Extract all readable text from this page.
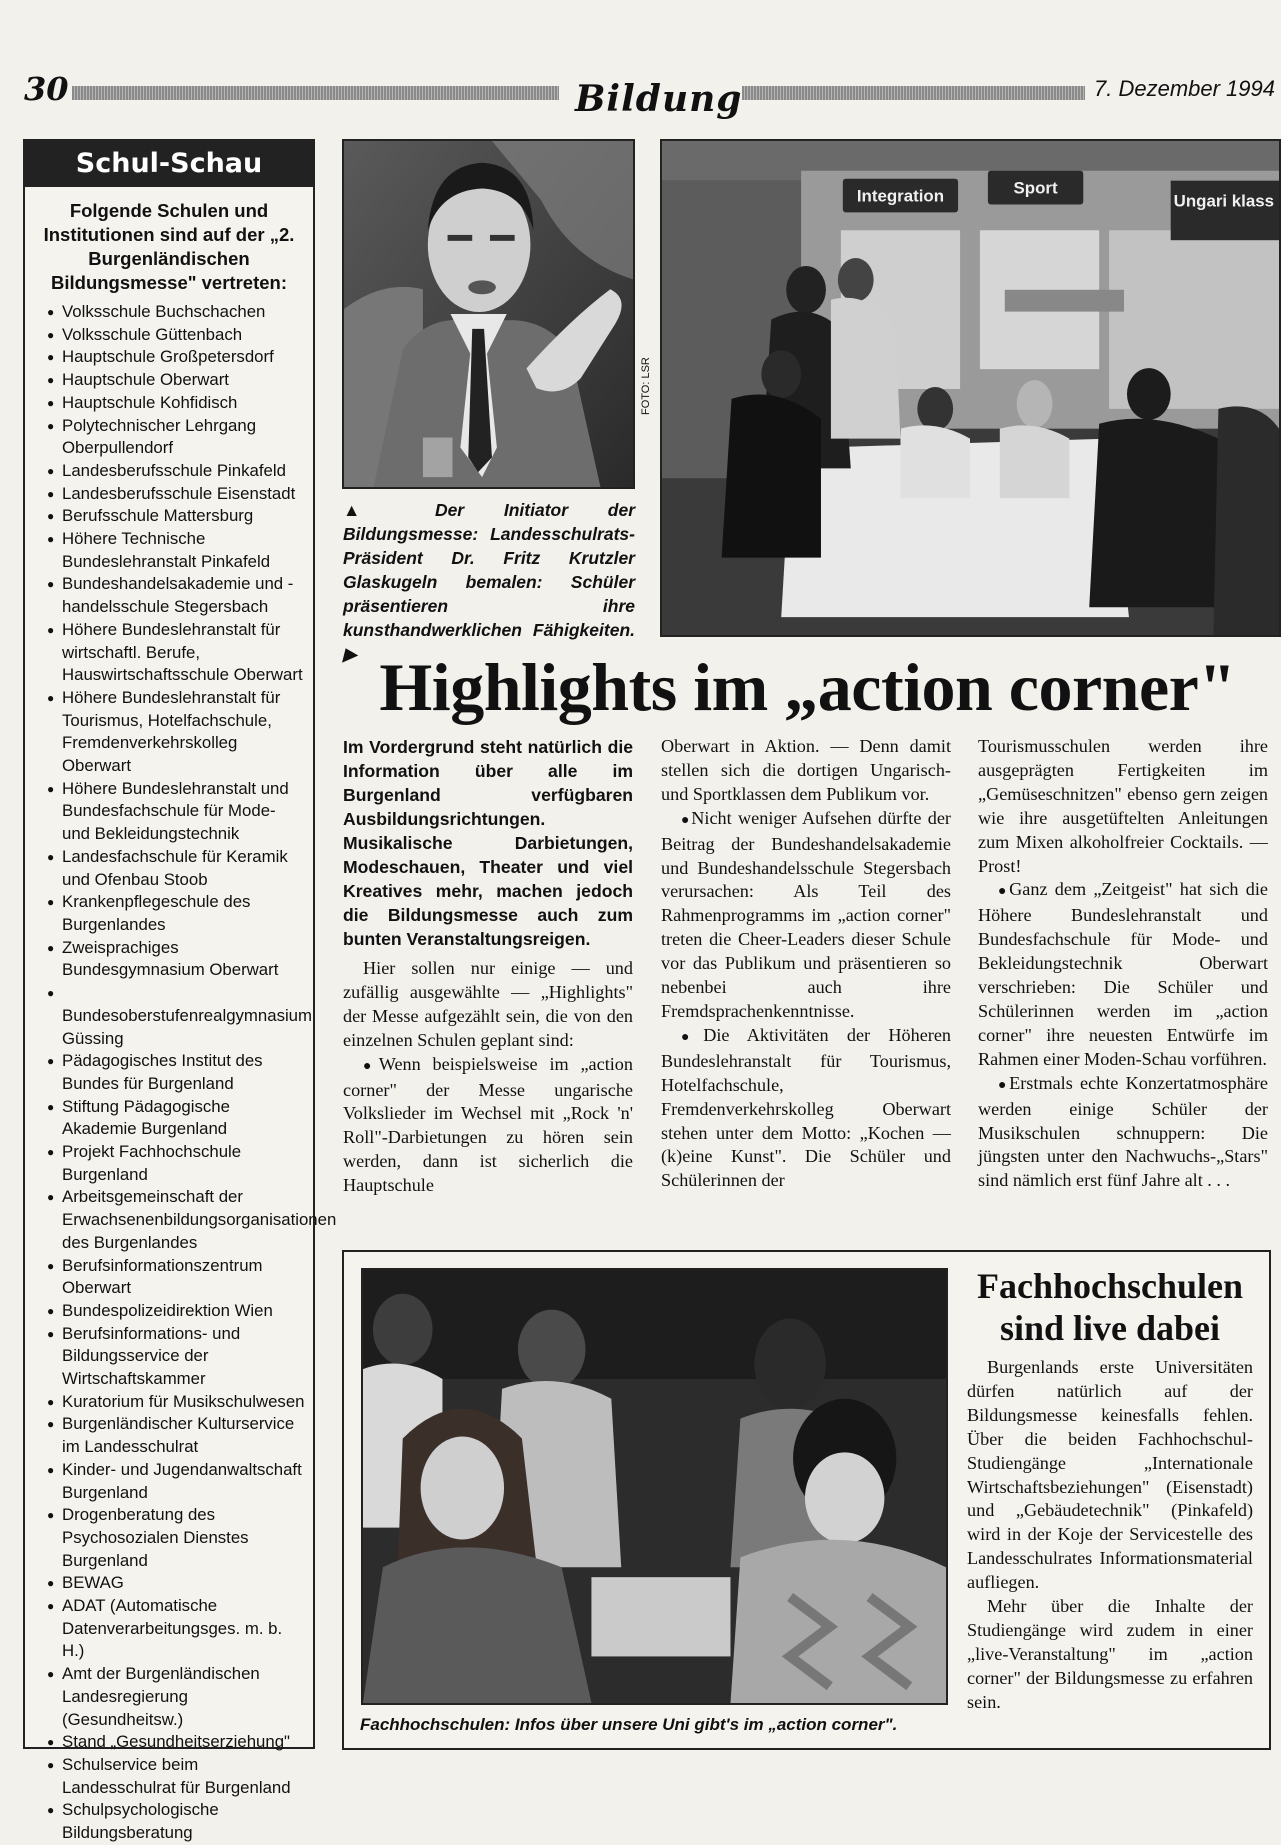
30	Bildung	7. Dezember 1994
Schul-Schau
Folgende Schulen und Institutionen sind auf der „2. Burgenländischen Bildungsmesse" vertreten:
● Volksschule Buchschachen
● Volksschule Güttenbach
● Hauptschule Großpetersdorf
● Hauptschule Oberwart
● Hauptschule Kohfidisch
● Polytechnischer Lehrgang Oberpullendorf
● Landesberufsschule Pinkafeld
● Landesberufsschule Eisenstadt
● Berufsschule Mattersburg
● Höhere Technische Bundeslehranstalt Pinkafeld
● Bundeshandelsakademie und -handelsschule Stegersbach
● Höhere Bundeslehranstalt für wirtschaftl. Berufe, Hauswirtschaftsschule Oberwart
● Höhere Bundeslehranstalt für Tourismus, Hotelfachschule, Fremdenverkehrskolleg Oberwart
● Höhere Bundeslehranstalt und Bundesfachschule für Mode- und Bekleidungstechnik
● Landesfachschule für Keramik und Ofenbau Stoob
● Krankenpflegeschule des Burgenlandes
● Zweisprachiges Bundesgymnasium Oberwart
● Bundesoberstufenrealgymnasium Güssing
● Pädagogisches Institut des Bundes für Burgenland
● Stiftung Pädagogische Akademie Burgenland
● Projekt Fachhochschule Burgenland
● Arbeitsgemeinschaft der Erwachsenenbildungsorganisationen des Burgenlandes
● Berufsinformationszentrum Oberwart
● Bundespolizeidirektion Wien
● Berufsinformations- und Bildungsservice der Wirtschaftskammer
● Kuratorium für Musikschulwesen
● Burgenländischer Kulturservice im Landesschulrat
● Kinder- und Jugendanwaltschaft Burgenland
● Drogenberatung des Psychosozialen Dienstes Burgenland
● BEWAG
● ADAT (Automatische Datenverarbeitungsges. m. b. H.)
● Amt der Burgenländischen Landesregierung (Gesundheitsw.)
● Stand „Gesundheitserziehung"
● Schulservice beim Landesschulrat für Burgenland
● Schulpsychologische Bildungsberatung
FOTO: LSR
▲ Der Initiator der Bildungsmesse: Landesschulrats-Präsident Dr. Fritz Krutzler Glaskugeln bemalen: Schüler präsentieren ihre kunsthandwerklichen Fähigkeiten. ▶
Integration	Sport
Ungari klass
Highlights im „action corner"

Im Vordergrund steht natürlich die Information über alle im Burgenland verfügbaren Ausbildungsrichtungen. Musikalische Darbietungen, Modeschauen, Theater und viel Kreatives mehr, machen jedoch die Bildungsmesse auch zum bunten Veranstaltungsreigen.

Hier sollen nur einige — und zufällig ausgewählte — „Highlights" der Messe aufgezählt sein, die von den einzelnen Schulen geplant sind:

● Wenn beispielsweise im „action corner" der Messe ungarische Volkslieder im Wechsel mit „Rock 'n' Roll"-Darbietungen zu hören sein werden, dann ist sicherlich die Hauptschule

Oberwart in Aktion. — Denn damit stellen sich die dortigen Ungarisch- und Sportklassen dem Publikum vor.

● Nicht weniger Aufsehen dürfte der Beitrag der Bundeshandelsakademie und Bundeshandelsschule Stegersbach verursachen: Als Teil des Rahmenprogramms im „action corner" treten die Cheer-Leaders dieser Schule vor das Publikum und präsentieren so nebenbei auch ihre Fremdsprachenkenntnisse.

● Die Aktivitäten der Höheren Bundeslehranstalt für Tourismus, Hotelfachschule, Fremdenverkehrskolleg Oberwart stehen unter dem Motto: „Kochen — (k)eine Kunst". Die Schüler und Schülerinnen der

Tourismusschulen werden ihre ausgeprägten Fertigkeiten im „Gemüseschnitzen" ebenso gern zeigen wie ihre ausgetüftelten Anleitungen zum Mixen alkoholfreier Cocktails. — Prost!

● Ganz dem „Zeitgeist" hat sich die Höhere Bundeslehranstalt und Bundesfachschule für Mode- und Bekleidungstechnik Oberwart verschrieben: Die Schüler und Schülerinnen werden im „action corner" ihre neuesten Entwürfe im Rahmen einer Moden-Schau vorführen.

● Erstmals echte Konzertatmosphäre werden einige Schüler der Musikschulen schnuppern: Die jüngsten unter den Nachwuchs-„Stars" sind nämlich erst fünf Jahre alt . . .

Fachhochschulen: Infos über unsere Uni gibt's im „action corner".
Fachhochschulen sind live dabei

Burgenlands erste Universitäten dürfen natürlich auf der Bildungsmesse keinesfalls fehlen. Über die beiden Fachhochschul-Studiengänge „Internationale Wirtschaftsbeziehungen" (Eisenstadt) und „Gebäudetechnik" (Pinkafeld) wird in der Koje der Servicestelle des Landesschulrates Informationsmaterial aufliegen.

Mehr über die Inhalte der Studiengänge wird zudem in einer „live-Veranstaltung" im „action corner" der Bildungsmesse zu erfahren sein.
